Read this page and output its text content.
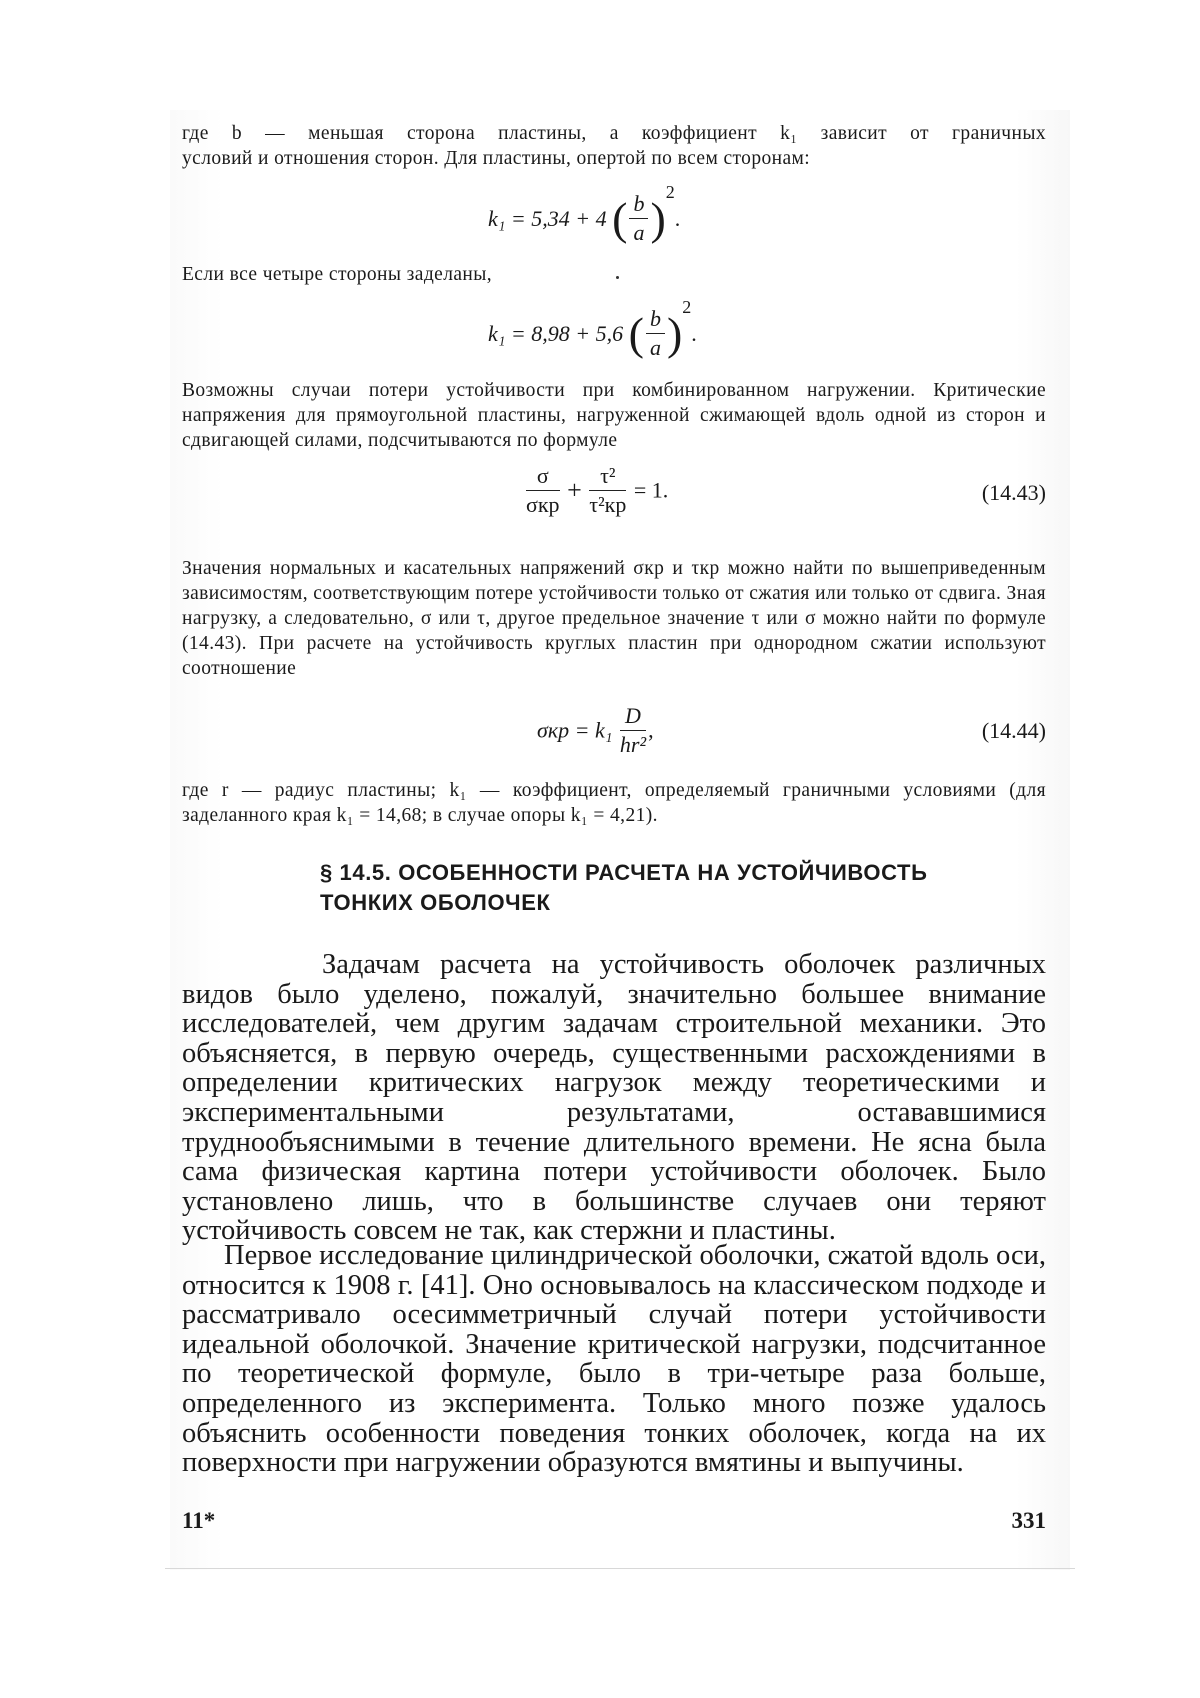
где b — меньшая сторона пластины, а коэффициент k₁ зависит от граничных
условий и отношения сторон. Для пластины, опертой по всем сторонам:
k₁ = 5,34 + 4 ( $\frac{b}{a} )^2$.
Если все четыре стороны заделаны,
k₁ = 8,98 + 5,6 ( $\frac{b}{a} )^2$.
Возможны случаи потери устойчивости при комбинированном нагружении. Критические напряжения для прямоугольной пластины, нагруженной сжимающей вдоль одной из сторон и сдвигающей силами, подсчитываются по формуле
$\frac{\sigma}{\text{σкр}} + \frac{\text{τ²}}{\text{τ²кр}} = 1$.	(14.43)
Значения нормальных и касательных напряжений σкр и τкр можно найти по вышеприведенным зависимостям, соответствующим потере устойчивости только от сжатия или только от сдвига. Зная нагрузку, а следовательно, σ или τ, другое предельное значение τ или σ можно найти по формуле (14.43). При расчете на устойчивость круглых пластин при однородном сжатии используют соотношение
$\sigma кр = k_1 \frac{D}{\text{hr²}}$ ,	(14.44)
где r — радиус пластины; k₁ — коэффициент, определяемый граничными условиями (для заделанного края k₁ = 14,68; в случае опоры k₁ = 4,21).
§ 14.5. ОСОБЕННОСТИ РАСЧЕТА НА УСТОЙЧИВОСТЬ
ТОНКИХ ОБОЛОЧЕК
Задачам расчета на устойчивость оболочек различных видов было уделено, пожалуй, значительно большее внимание исследователей, чем другим задачам строительной механики. Это объясняется, в первую очередь, существенными расхождениями в определении критических нагрузок между теоретическими и экспериментальными результатами, остававшимися труднообъяснимыми в течение длительного времени. Не ясна была сама физическая картина потери устойчивости оболочек. Было установлено лишь, что в большинстве случаев они теряют устойчивость совсем не так, как стержни и пластины.
Первое исследование цилиндрической оболочки, сжатой вдоль оси, относится к 1908 г. [41]. Оно основывалось на классическом подходе и рассматривало осесимметричный случай потери устойчивости идеальной оболочкой. Значение критической нагрузки, подсчитанное по теоретической формуле, было в три-четыре раза больше, определенного из эксперимента. Только много позже удалось объяснить особенности поведения тонких оболочек, когда на их поверхности при нагружении образуются вмятины и выпучины.
11*	331
